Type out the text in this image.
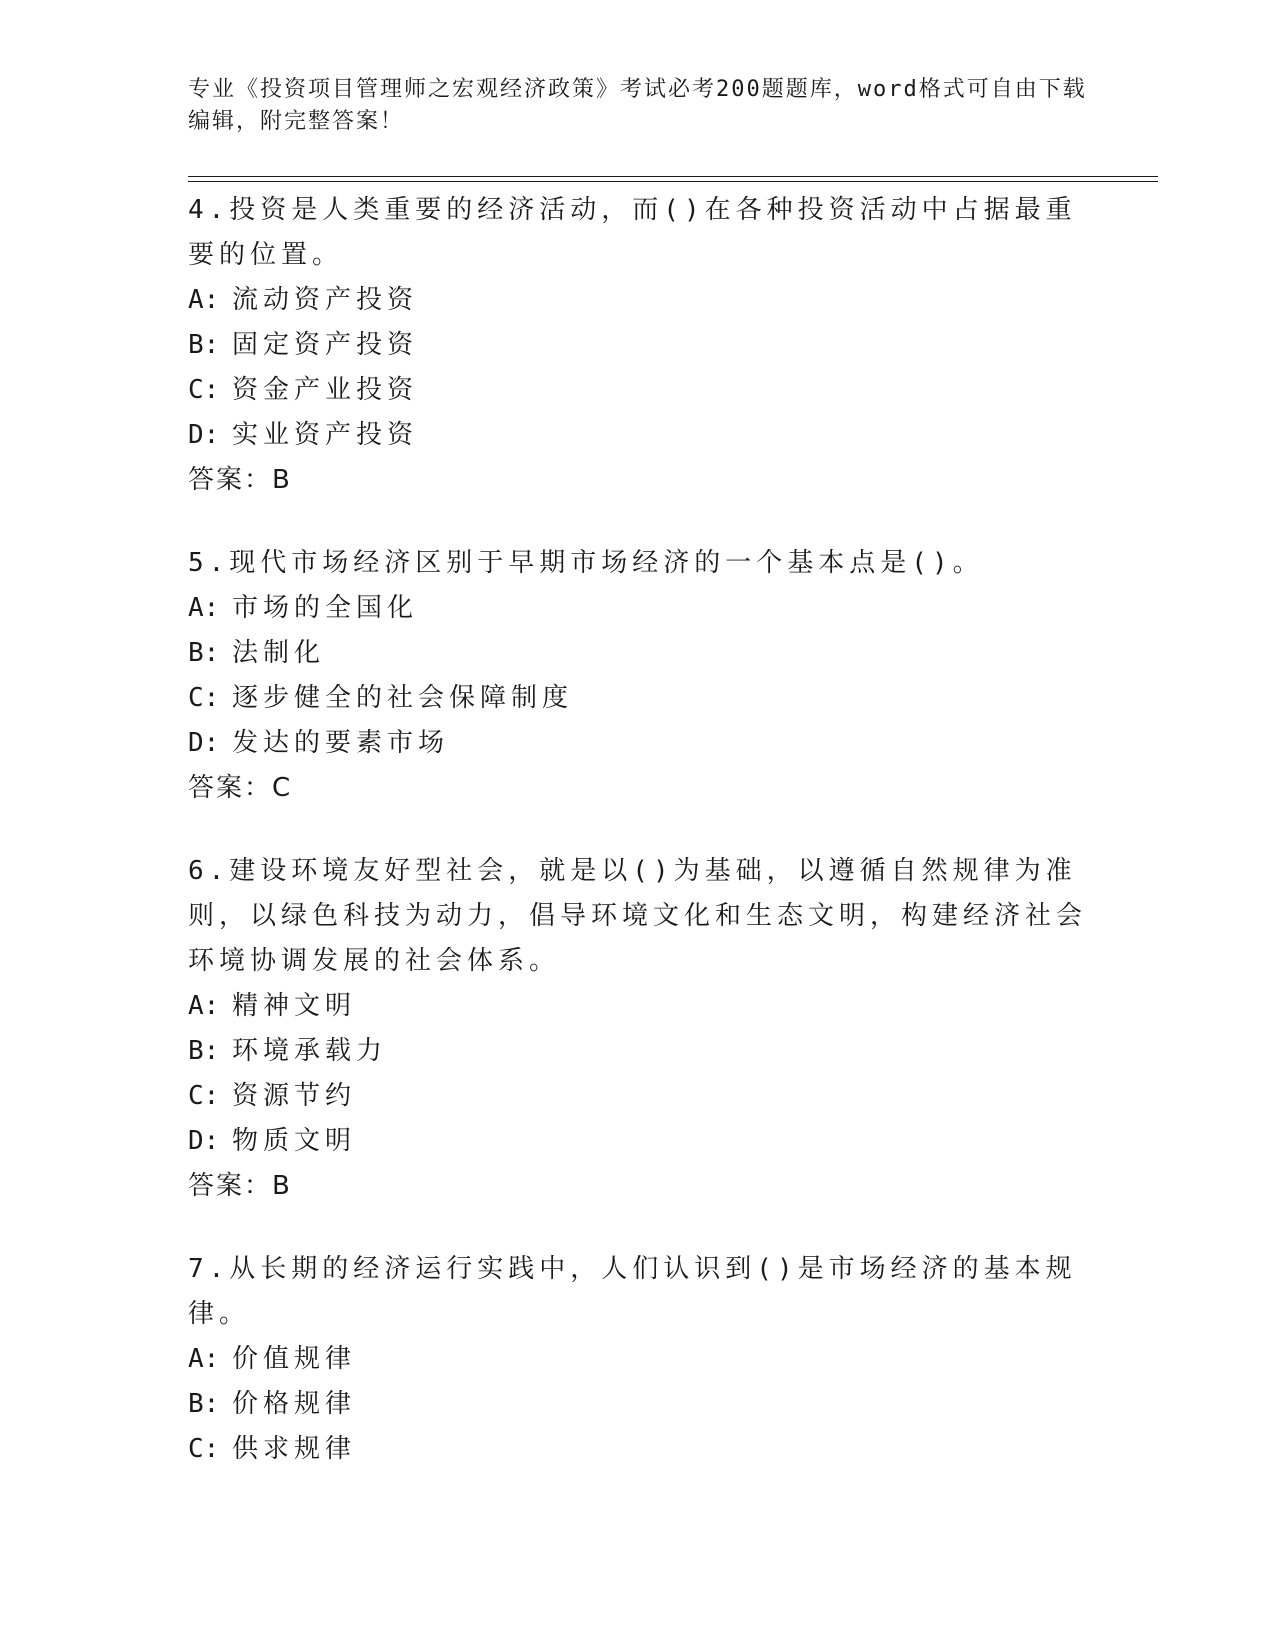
专业《投资项目管理师之宏观经济政策》考试必考200题题库，word格式可自由下载编辑，附完整答案！
4.投资是人类重要的经济活动，而()在各种投资活动中占据最重要的位置。
A: 流动资产投资
B: 固定资产投资
C: 资金产业投资
D: 实业资产投资
答案：B
5.现代市场经济区别于早期市场经济的一个基本点是()。
A: 市场的全国化
B: 法制化
C: 逐步健全的社会保障制度
D: 发达的要素市场
答案：C
6.建设环境友好型社会，就是以()为基础，以遵循自然规律为准则，以绿色科技为动力，倡导环境文化和生态文明，构建经济社会环境协调发展的社会体系。
A: 精神文明
B: 环境承载力
C: 资源节约
D: 物质文明
答案：B
7.从长期的经济运行实践中，人们认识到()是市场经济的基本规律。
A: 价值规律
B: 价格规律
C: 供求规律
